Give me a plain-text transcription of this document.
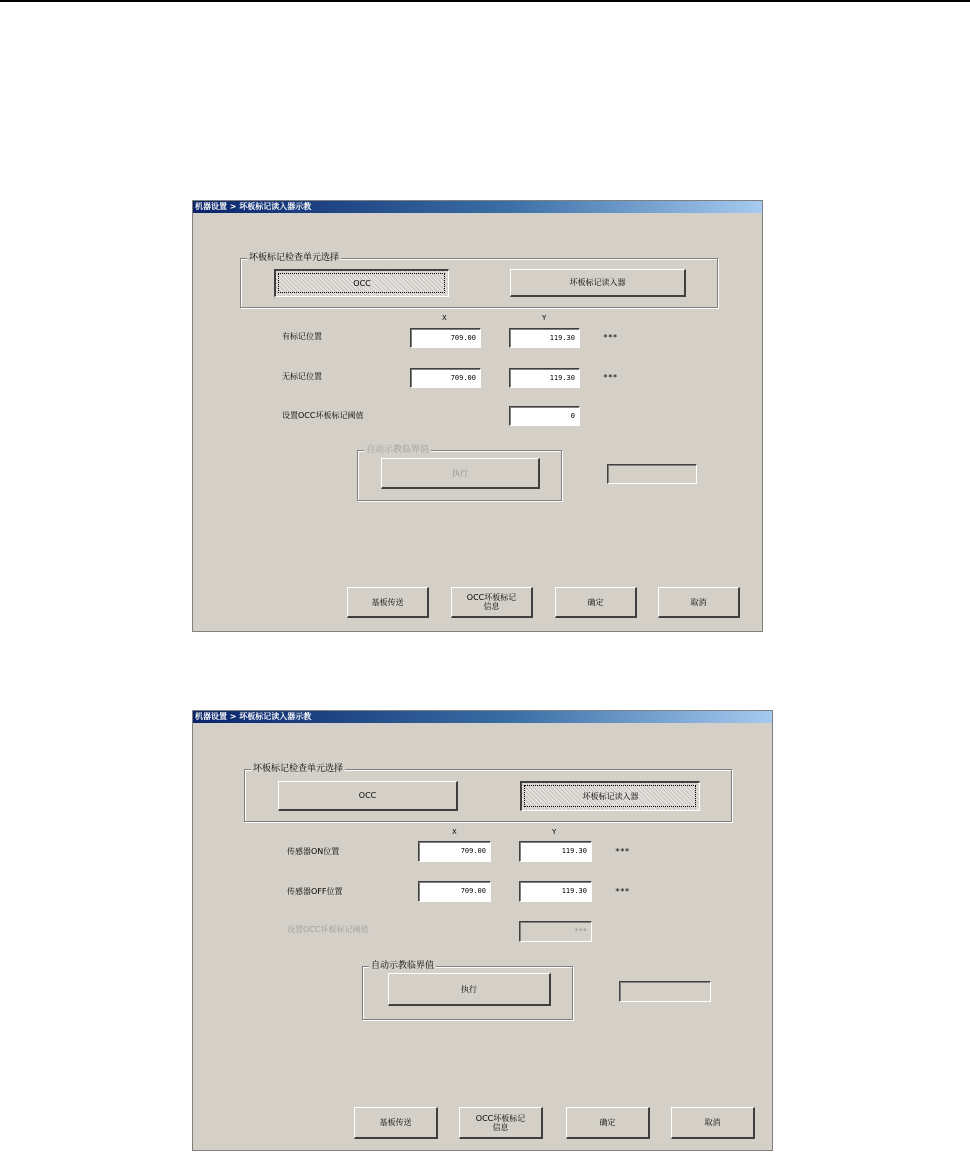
机器设置 > 坏板标记读入器示教
坏板标记检查单元选择
OCC	坏板标记读入器
X	Y
有标记位置	709.00	119.30	***
无标记位置	709.00	119.30	***
设置OCC坏板标记阈值	0
自动示教临界值
执行
基板传送	OCC坏板标记信息	确定	取消
机器设置 > 坏板标记读入器示教
坏板标记检查单元选择
OCC	坏板标记读入器
X	Y
传感器ON位置	709.00	119.30	***
传感器OFF位置	709.00	119.30	***
设置OCC坏板标记阈值	***
自动示教临界值
执行
基板传送	OCC坏板标记信息	确定	取消
